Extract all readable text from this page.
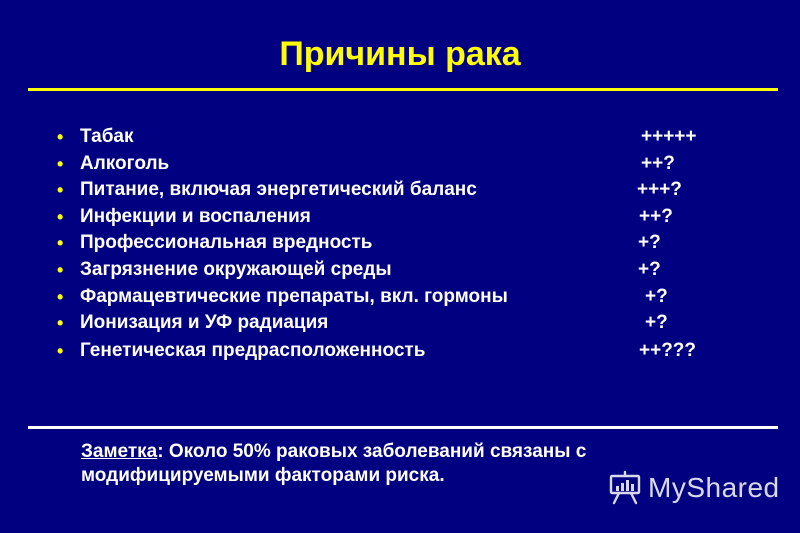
Причины рака
• Табак	+++++
• Алкоголь	++?
• Питание, включая энергетический баланс	+++?
• Инфекции и воспаления	++?
• Профессиональная вредность	+?
• Загрязнение окружающей среды	+?
• Фармацевтические препараты, вкл. гормоны	+?
• Ионизация и УФ радиация	+?
• Генетическая предрасположенность	++???

Заметка: Около 50% раковых заболеваний связаны с модифицируемыми факторами риска.	MyShared
